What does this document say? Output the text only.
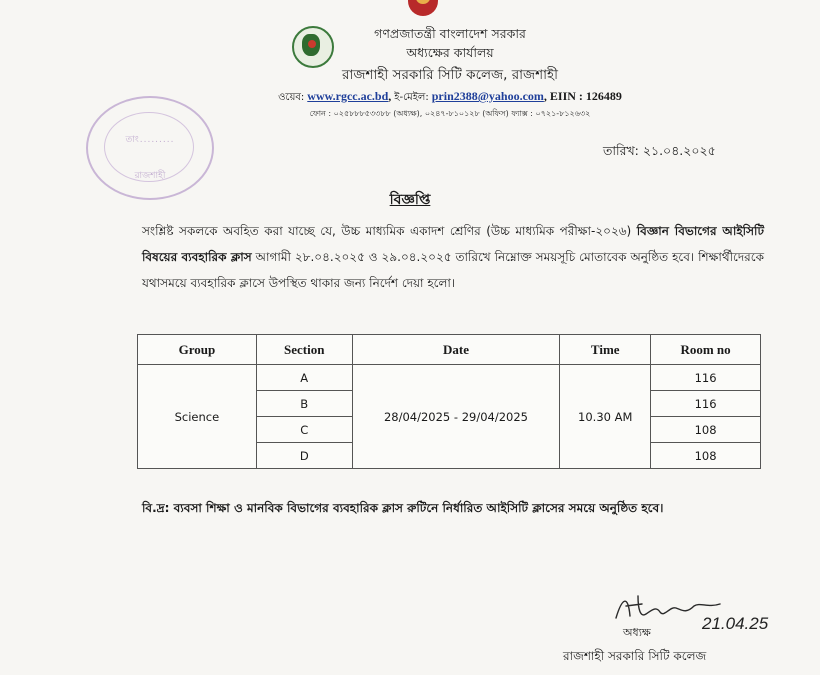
গণপ্রজাতন্ত্রী বাংলাদেশ সরকার
অধ্যক্ষের কার্যালয়
রাজশাহী সরকারি সিটি কলেজ, রাজশাহী
ওয়েব: www.rgcc.ac.bd, ই-মেইল: prin2388@yahoo.com, EIIN : 126489
ফোন : ০২৫৮৮৮৫৩৩৮৮ (অধ্যক্ষ), ০২৪৭-৮১০১২৮ (অফিস) ফ্যাক্স : ০৭২১-৮১২৬৩২
তাং.........
রাজশাহী
তারিখ: ২১.০৪.২০২৫
বিজ্ঞপ্তি
সংশ্লিষ্ট সকলকে অবহিত করা যাচ্ছে যে, উচ্চ মাধ্যমিক একাদশ শ্রেণির (উচ্চ মাধ্যমিক পরীক্ষা-২০২৬) বিজ্ঞান বিভাগের আইসিটি বিষয়ের ব্যবহারিক ক্লাস আগামী ২৮.০৪.২০২৫ ও ২৯.০৪.২০২৫ তারিখে নিম্নোক্ত সময়সূচি মোতাবেক অনুষ্ঠিত হবে। শিক্ষার্থীদেরকে যথাসময়ে ব্যবহারিক ক্লাসে উপস্থিত থাকার জন্য নির্দেশ দেয়া হলো।
Group	Section	Date	Time	Room no
Science	A	28/04/2025 - 29/04/2025	10.30 AM	116
	B			116
	C			108
	D			108
বি.দ্র: ব্যবসা শিক্ষা ও মানবিক বিভাগের ব্যবহারিক ক্লাস রুটিনে নির্ধারিত আইসিটি ক্লাসের সময়ে অনুষ্ঠিত হবে।
21.04.25
অধ্যক্ষ
রাজশাহী সরকারি সিটি কলেজ
